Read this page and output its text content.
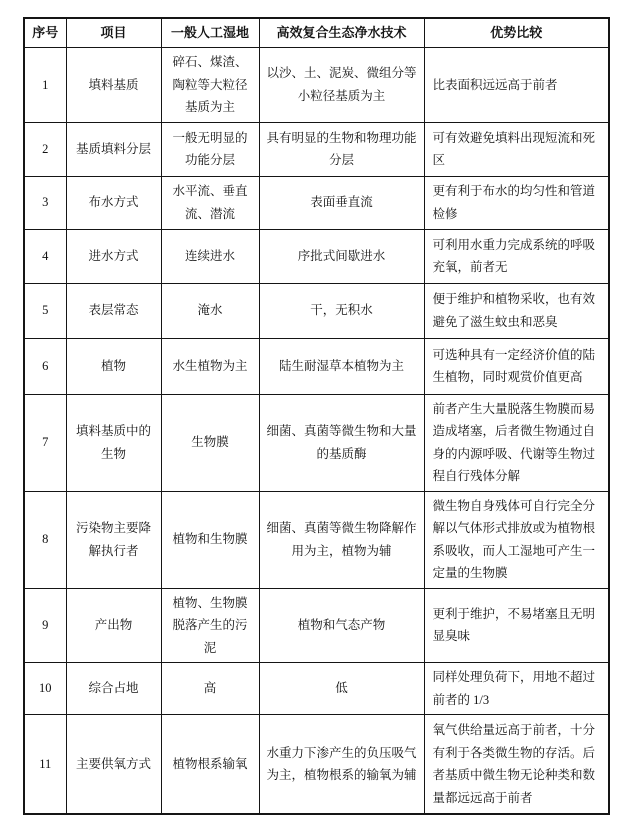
序号	项目	一般人工湿地	高效复合生态净水技术	优势比较
1	填料基质	碎石、煤渣、陶粒等大粒径基质为主	以沙、土、泥炭、微组分等小粒径基质为主	比表面积远远高于前者
2	基质填料分层	一般无明显的功能分层	具有明显的生物和物理功能分层	可有效避免填料出现短流和死区
3	布水方式	水平流、垂直流、潜流	表面垂直流	更有利于布水的均匀性和管道检修
4	进水方式	连续进水	序批式间歇进水	可利用水重力完成系统的呼吸充氧，前者无
5	表层常态	淹水	干，无积水	便于维护和植物采收，也有效避免了滋生蚊虫和恶臭
6	植物	水生植物为主	陆生耐湿草本植物为主	可选种具有一定经济价值的陆生植物，同时观赏价值更高
7	填料基质中的生物	生物膜	细菌、真菌等微生物和大量的基质酶	前者产生大量脱落生物膜而易造成堵塞，后者微生物通过自身的内源呼吸、代谢等生物过程自行残体分解
8	污染物主要降解执行者	植物和生物膜	细菌、真菌等微生物降解作用为主，植物为辅	微生物自身残体可自行完全分解以气体形式排放或为植物根系吸收，而人工湿地可产生一定量的生物膜
9	产出物	植物、生物膜脱落产生的污泥	植物和气态产物	更利于维护，不易堵塞且无明显臭味
10	综合占地	高	低	同样处理负荷下，用地不超过前者的 1/3
11	主要供氧方式	植物根系输氧	水重力下渗产生的负压吸气为主，植物根系的输氧为辅	氧气供给量远高于前者，十分有利于各类微生物的存活。后者基质中微生物无论种类和数量都远远高于前者
